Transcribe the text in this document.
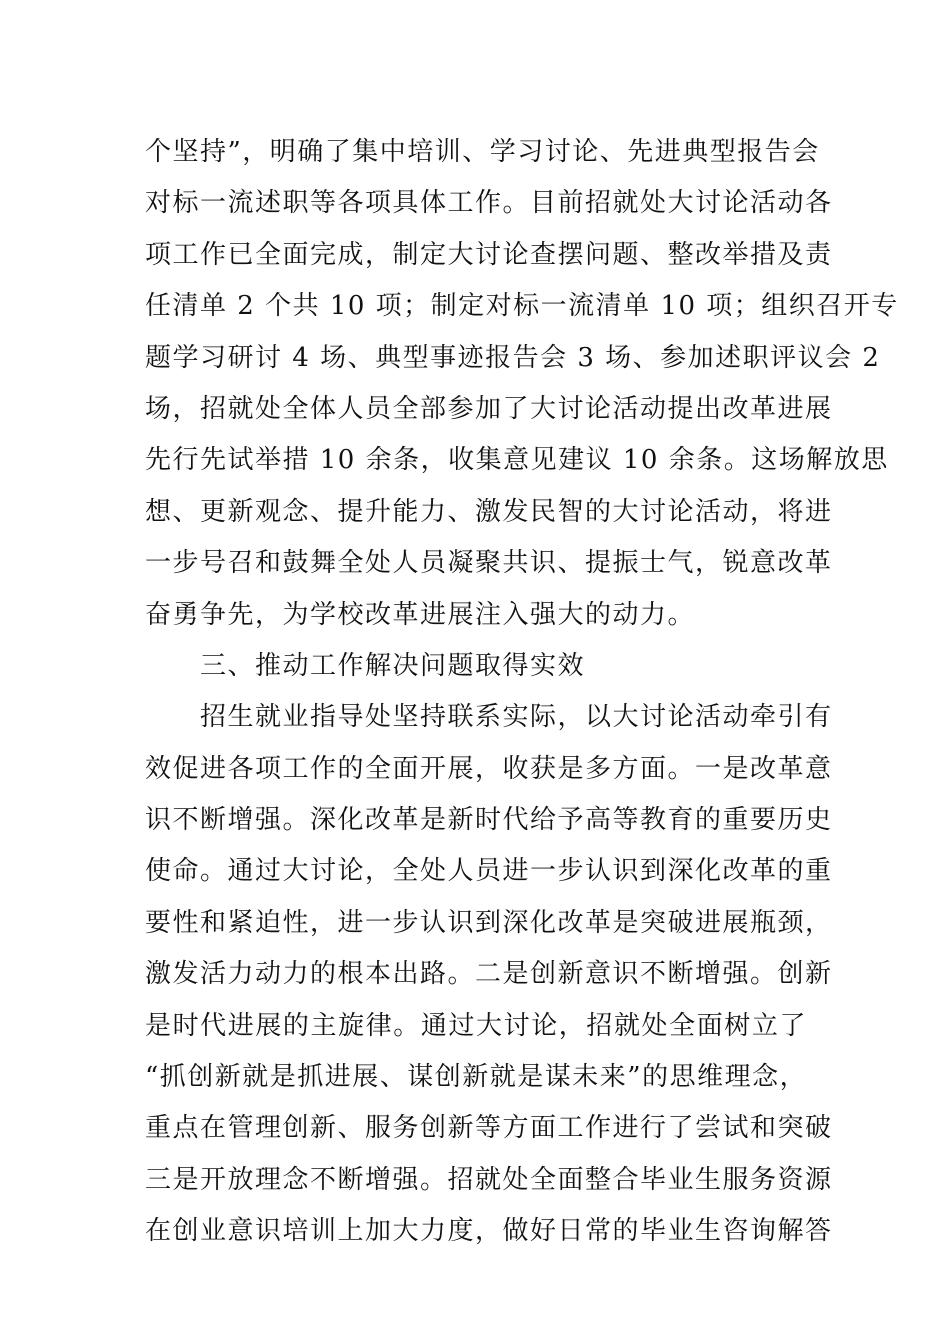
个坚持”，明确了集中培训、学习讨论、先进典型报告会
对标一流述职等各项具体工作。目前招就处大讨论活动各
项工作已全面完成，制定大讨论查摆问题、整改举措及责
任清单 2 个共 10 项；制定对标一流清单 10 项；组织召开专
题学习研讨 4 场、典型事迹报告会 3 场、参加述职评议会 2
场，招就处全体人员全部参加了大讨论活动提出改革进展
先行先试举措 10 余条，收集意见建议 10 余条。这场解放思
想、更新观念、提升能力、激发民智的大讨论活动，将进
一步号召和鼓舞全处人员凝聚共识、提振士气，锐意改革
奋勇争先，为学校改革进展注入强大的动力。
　　三、推动工作解决问题取得实效
　　招生就业指导处坚持联系实际，以大讨论活动牵引有
效促进各项工作的全面开展，收获是多方面。一是改革意
识不断增强。深化改革是新时代给予高等教育的重要历史
使命。通过大讨论，全处人员进一步认识到深化改革的重
要性和紧迫性，进一步认识到深化改革是突破进展瓶颈，
激发活力动力的根本出路。二是创新意识不断增强。创新
是时代进展的主旋律。通过大讨论，招就处全面树立了
“抓创新就是抓进展、谋创新就是谋未来”的思维理念，
重点在管理创新、服务创新等方面工作进行了尝试和突破
三是开放理念不断增强。招就处全面整合毕业生服务资源
在创业意识培训上加大力度，做好日常的毕业生咨询解答
